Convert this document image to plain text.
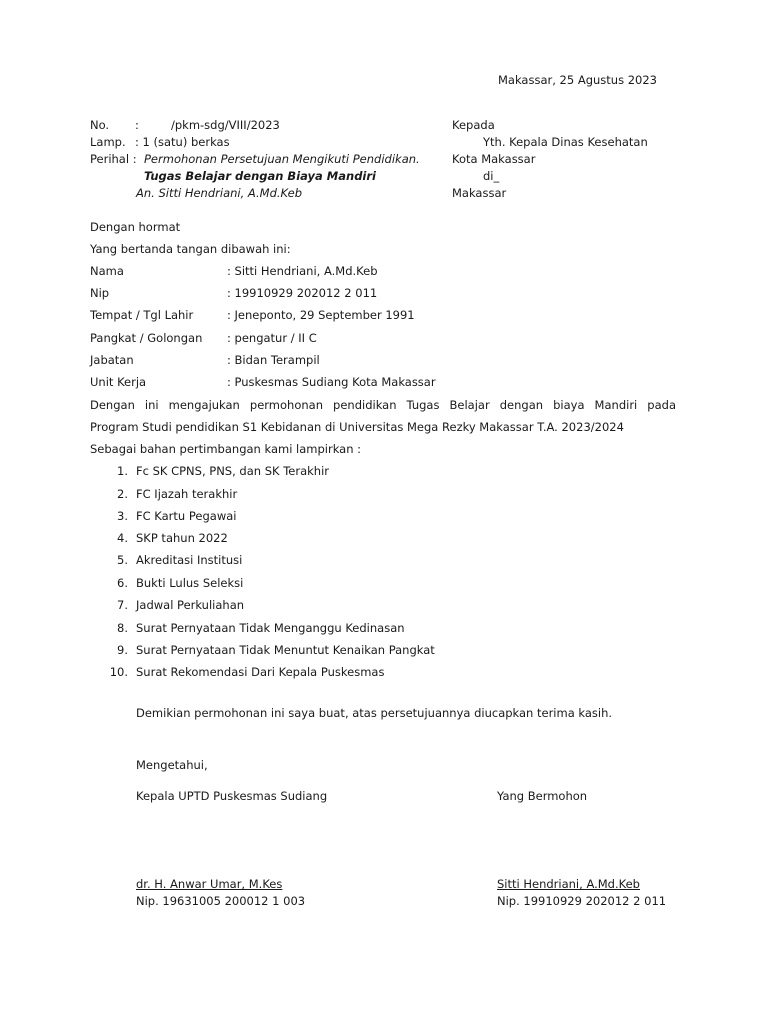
Makassar, 25 Agustus 2023
No. :	/pkm-sdg/VIII/2023
Lamp. : 1 (satu) berkas
Perihal : Permohonan Persetujuan Mengikuti Pendidikan.
Tugas Belajar dengan Biaya Mandiri
An. Sitti Hendriani, A.Md.Keb
Kepada
Yth. Kepala Dinas Kesehatan
Kota Makassar
di_
Makassar
Dengan hormat
Yang bertanda tangan dibawah ini:
Nama	: Sitti Hendriani, A.Md.Keb
Nip	: 19910929 202012 2 011
Tempat / Tgl Lahir	: Jeneponto, 29 September 1991
Pangkat / Golongan : pengatur / II C
Jabatan	: Bidan Terampil
Unit Kerja	: Puskesmas Sudiang Kota Makassar
Dengan ini mengajukan permohonan pendidikan Tugas Belajar dengan biaya Mandiri pada
Program Studi pendidikan S1 Kebidanan di Universitas Mega Rezky Makassar T.A. 2023/2024
Sebagai bahan pertimbangan kami lampirkan :
1. Fc SK CPNS, PNS, dan SK Terakhir
2. FC Ijazah terakhir
3. FC Kartu Pegawai
4. SKP tahun 2022
5. Akreditasi Institusi
6. Bukti Lulus Seleksi
7. Jadwal Perkuliahan
8. Surat Pernyataan Tidak Menganggu Kedinasan
9. Surat Pernyataan Tidak Menuntut Kenaikan Pangkat
10. Surat Rekomendasi Dari Kepala Puskesmas
Demikian permohonan ini saya buat, atas persetujuannya diucapkan terima kasih.
Mengetahui,
Kepala UPTD Puskesmas Sudiang	Yang Bermohon
dr. H. Anwar Umar, M.Kes
Nip. 19631005 200012 1 003
Sitti Hendriani, A.Md.Keb
Nip. 19910929 202012 2 011
